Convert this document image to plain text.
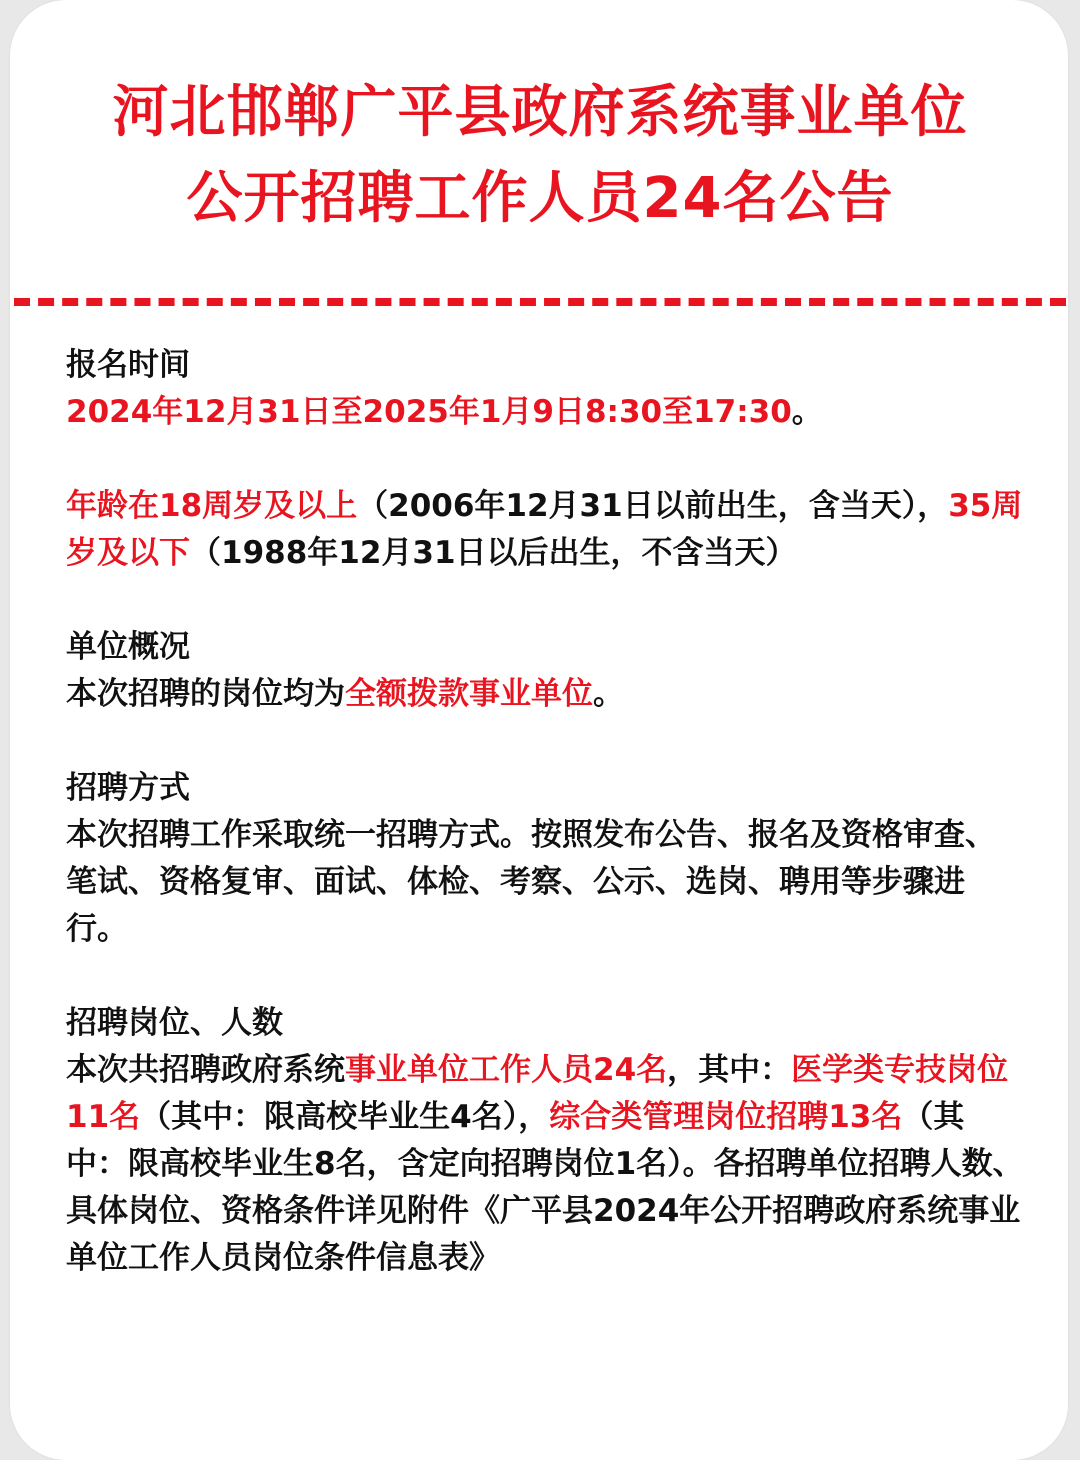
河北邯郸广平县政府系统事业单位
公开招聘工作人员24名公告

报名时间

2024年12月31日至2025年1月9日8:30至17:30。

年龄在18周岁及以上（2006年12月31日以前出生，含当天），35周岁及以下（1988年12月31日以后出生，不含当天）

单位概况

本次招聘的岗位均为全额拨款事业单位。

招聘方式

本次招聘工作采取统一招聘方式。按照发布公告、报名及资格审查、笔试、资格复审、面试、体检、考察、公示、选岗、聘用等步骤进行。

招聘岗位、人数

本次共招聘政府系统事业单位工作人员24名，其中：医学类专技岗位11名（其中：限高校毕业生4名），综合类管理岗位招聘13名（其中：限高校毕业生8名，含定向招聘岗位1名）。各招聘单位招聘人数、具体岗位、资格条件详见附件《广平县2024年公开招聘政府系统事业单位工作人员岗位条件信息表》
